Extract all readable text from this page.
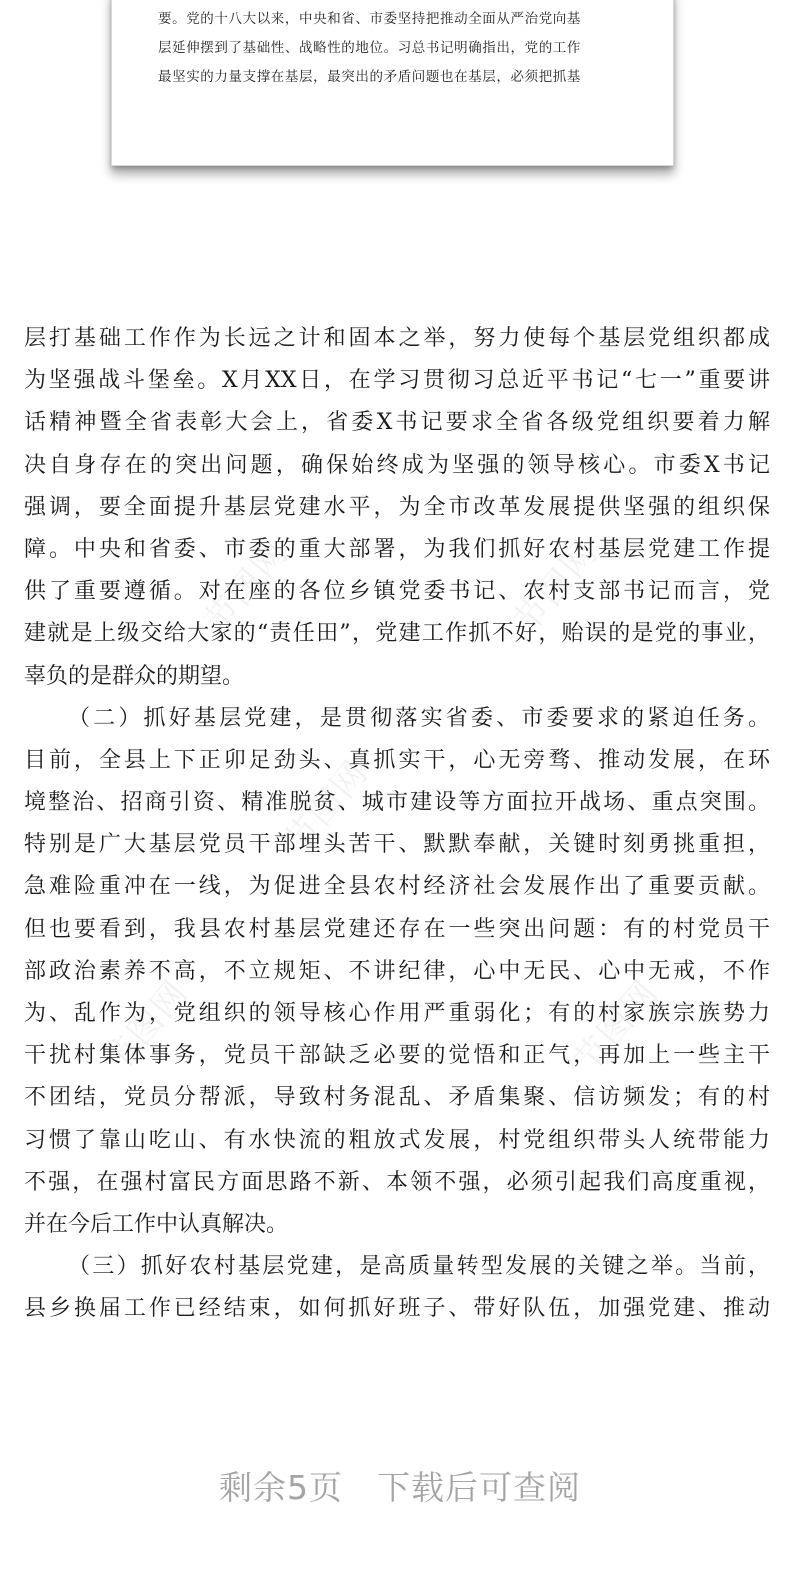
要。党的十八大以来，中央和省、市委坚持把推动全面从严治党向基
层延伸摆到了基础性、战略性的地位。习总书记明确指出，党的工作
最坚实的力量支撑在基层，最突出的矛盾问题也在基层，必须把抓基
节图网	节图网
节图网
节图网	节图网
层打基础工作作为长远之计和固本之举，努力使每个基层党组织都成
为坚强战斗堡垒。X月XX日，在学习贯彻习总近平书记“七一”重要讲
话精神暨全省表彰大会上，省委X书记要求全省各级党组织要着力解
决自身存在的突出问题，确保始终成为坚强的领导核心。市委X书记
强调，要全面提升基层党建水平，为全市改革发展提供坚强的组织保
障。中央和省委、市委的重大部署，为我们抓好农村基层党建工作提
供了重要遵循。对在座的各位乡镇党委书记、农村支部书记而言，党
建就是上级交给大家的“责任田”，党建工作抓不好，贻误的是党的事业，
辜负的是群众的期望。
（二）抓好基层党建，是贯彻落实省委、市委要求的紧迫任务。
目前，全县上下正卯足劲头、真抓实干，心无旁骛、推动发展，在环
境整治、招商引资、精准脱贫、城市建设等方面拉开战场、重点突围。
特别是广大基层党员干部埋头苦干、默默奉献，关键时刻勇挑重担，
急难险重冲在一线，为促进全县农村经济社会发展作出了重要贡献。
但也要看到，我县农村基层党建还存在一些突出问题：有的村党员干
部政治素养不高，不立规矩、不讲纪律，心中无民、心中无戒，不作
为、乱作为，党组织的领导核心作用严重弱化；有的村家族宗族势力
干扰村集体事务，党员干部缺乏必要的觉悟和正气，再加上一些主干
不团结，党员分帮派，导致村务混乱、矛盾集聚、信访频发；有的村
习惯了靠山吃山、有水快流的粗放式发展，村党组织带头人统带能力
不强，在强村富民方面思路不新、本领不强，必须引起我们高度重视，
并在今后工作中认真解决。
（三）抓好农村基层党建，是高质量转型发展的关键之举。当前，
县乡换届工作已经结束，如何抓好班子、带好队伍，加强党建、推动
剩余5页 下载后可查阅
